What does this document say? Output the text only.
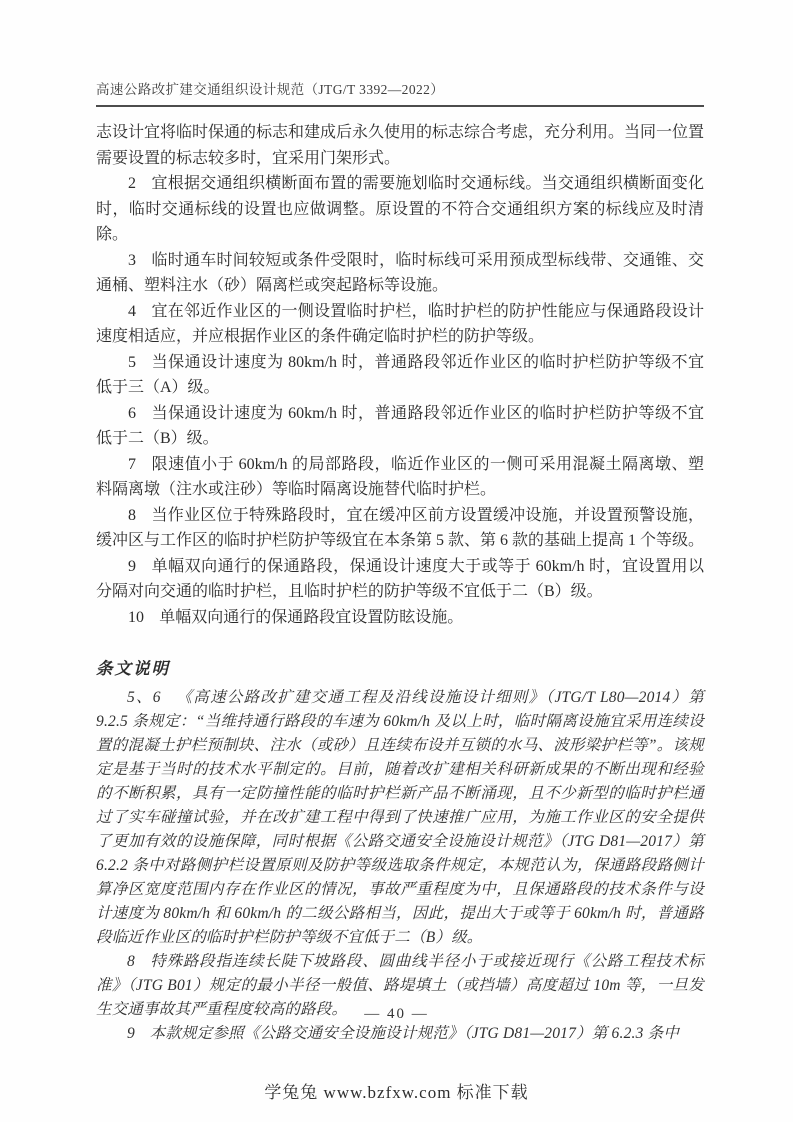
高速公路改扩建交通组织设计规范（JTG/T 3392—2022）

志设计宜将临时保通的标志和建成后永久使用的标志综合考虑，充分利用。当同一位置需要设置的标志较多时，宜采用门架形式。

2 宜根据交通组织横断面布置的需要施划临时交通标线。当交通组织横断面变化时，临时交通标线的设置也应做调整。原设置的不符合交通组织方案的标线应及时清除。

3 临时通车时间较短或条件受限时，临时标线可采用预成型标线带、交通锥、交通桶、塑料注水（砂）隔离栏或突起路标等设施。

4 宜在邻近作业区的一侧设置临时护栏，临时护栏的防护性能应与保通路段设计速度相适应，并应根据作业区的条件确定临时护栏的防护等级。

5 当保通设计速度为 80km/h 时，普通路段邻近作业区的临时护栏防护等级不宜低于三（A）级。

6 当保通设计速度为 60km/h 时，普通路段邻近作业区的临时护栏防护等级不宜低于二（B）级。

7 限速值小于 60km/h 的局部路段，临近作业区的一侧可采用混凝土隔离墩、塑料隔离墩（注水或注砂）等临时隔离设施替代临时护栏。

8 当作业区位于特殊路段时，宜在缓冲区前方设置缓冲设施，并设置预警设施，缓冲区与工作区的临时护栏防护等级宜在本条第 5 款、第 6 款的基础上提高 1 个等级。

9 单幅双向通行的保通路段，保通设计速度大于或等于 60km/h 时，宜设置用以分隔对向交通的临时护栏，且临时护栏的防护等级不宜低于二（B）级。

10 单幅双向通行的保通路段宜设置防眩设施。

条文说明

5、6 《高速公路改扩建交通工程及沿线设施设计细则》（JTG/T L80—2014）第 9.2.5 条规定：“当维持通行路段的车速为 60km/h 及以上时，临时隔离设施宜采用连续设置的混凝土护栏预制块、注水（或砂）且连续布设并互锁的水马、波形梁护栏等”。该规定是基于当时的技术水平制定的。目前，随着改扩建相关科研新成果的不断出现和经验的不断积累，具有一定防撞性能的临时护栏新产品不断涌现，且不少新型的临时护栏通过了实车碰撞试验，并在改扩建工程中得到了快速推广应用，为施工作业区的安全提供了更加有效的设施保障，同时根据《公路交通安全设施设计规范》（JTG D81—2017）第 6.2.2 条中对路侧护栏设置原则及防护等级选取条件规定，本规范认为，保通路段路侧计算净区宽度范围内存在作业区的情况，事故严重程度为中，且保通路段的技术条件与设计速度为 80km/h 和 60km/h 的二级公路相当，因此，提出大于或等于 60km/h 时，普通路段临近作业区的临时护栏防护等级不宜低于二（B）级。

8 特殊路段指连续长陡下坡路段、圆曲线半径小于或接近现行《公路工程技术标准》（JTG B01）规定的最小半径一般值、路堤填土（或挡墙）高度超过 10m 等，一旦发生交通事故其严重程度较高的路段。

9 本款规定参照《公路交通安全设施设计规范》（JTG D81—2017）第 6.2.3 条中

— 40 —
学兔兔 www.bzfxw.com 标准下载
